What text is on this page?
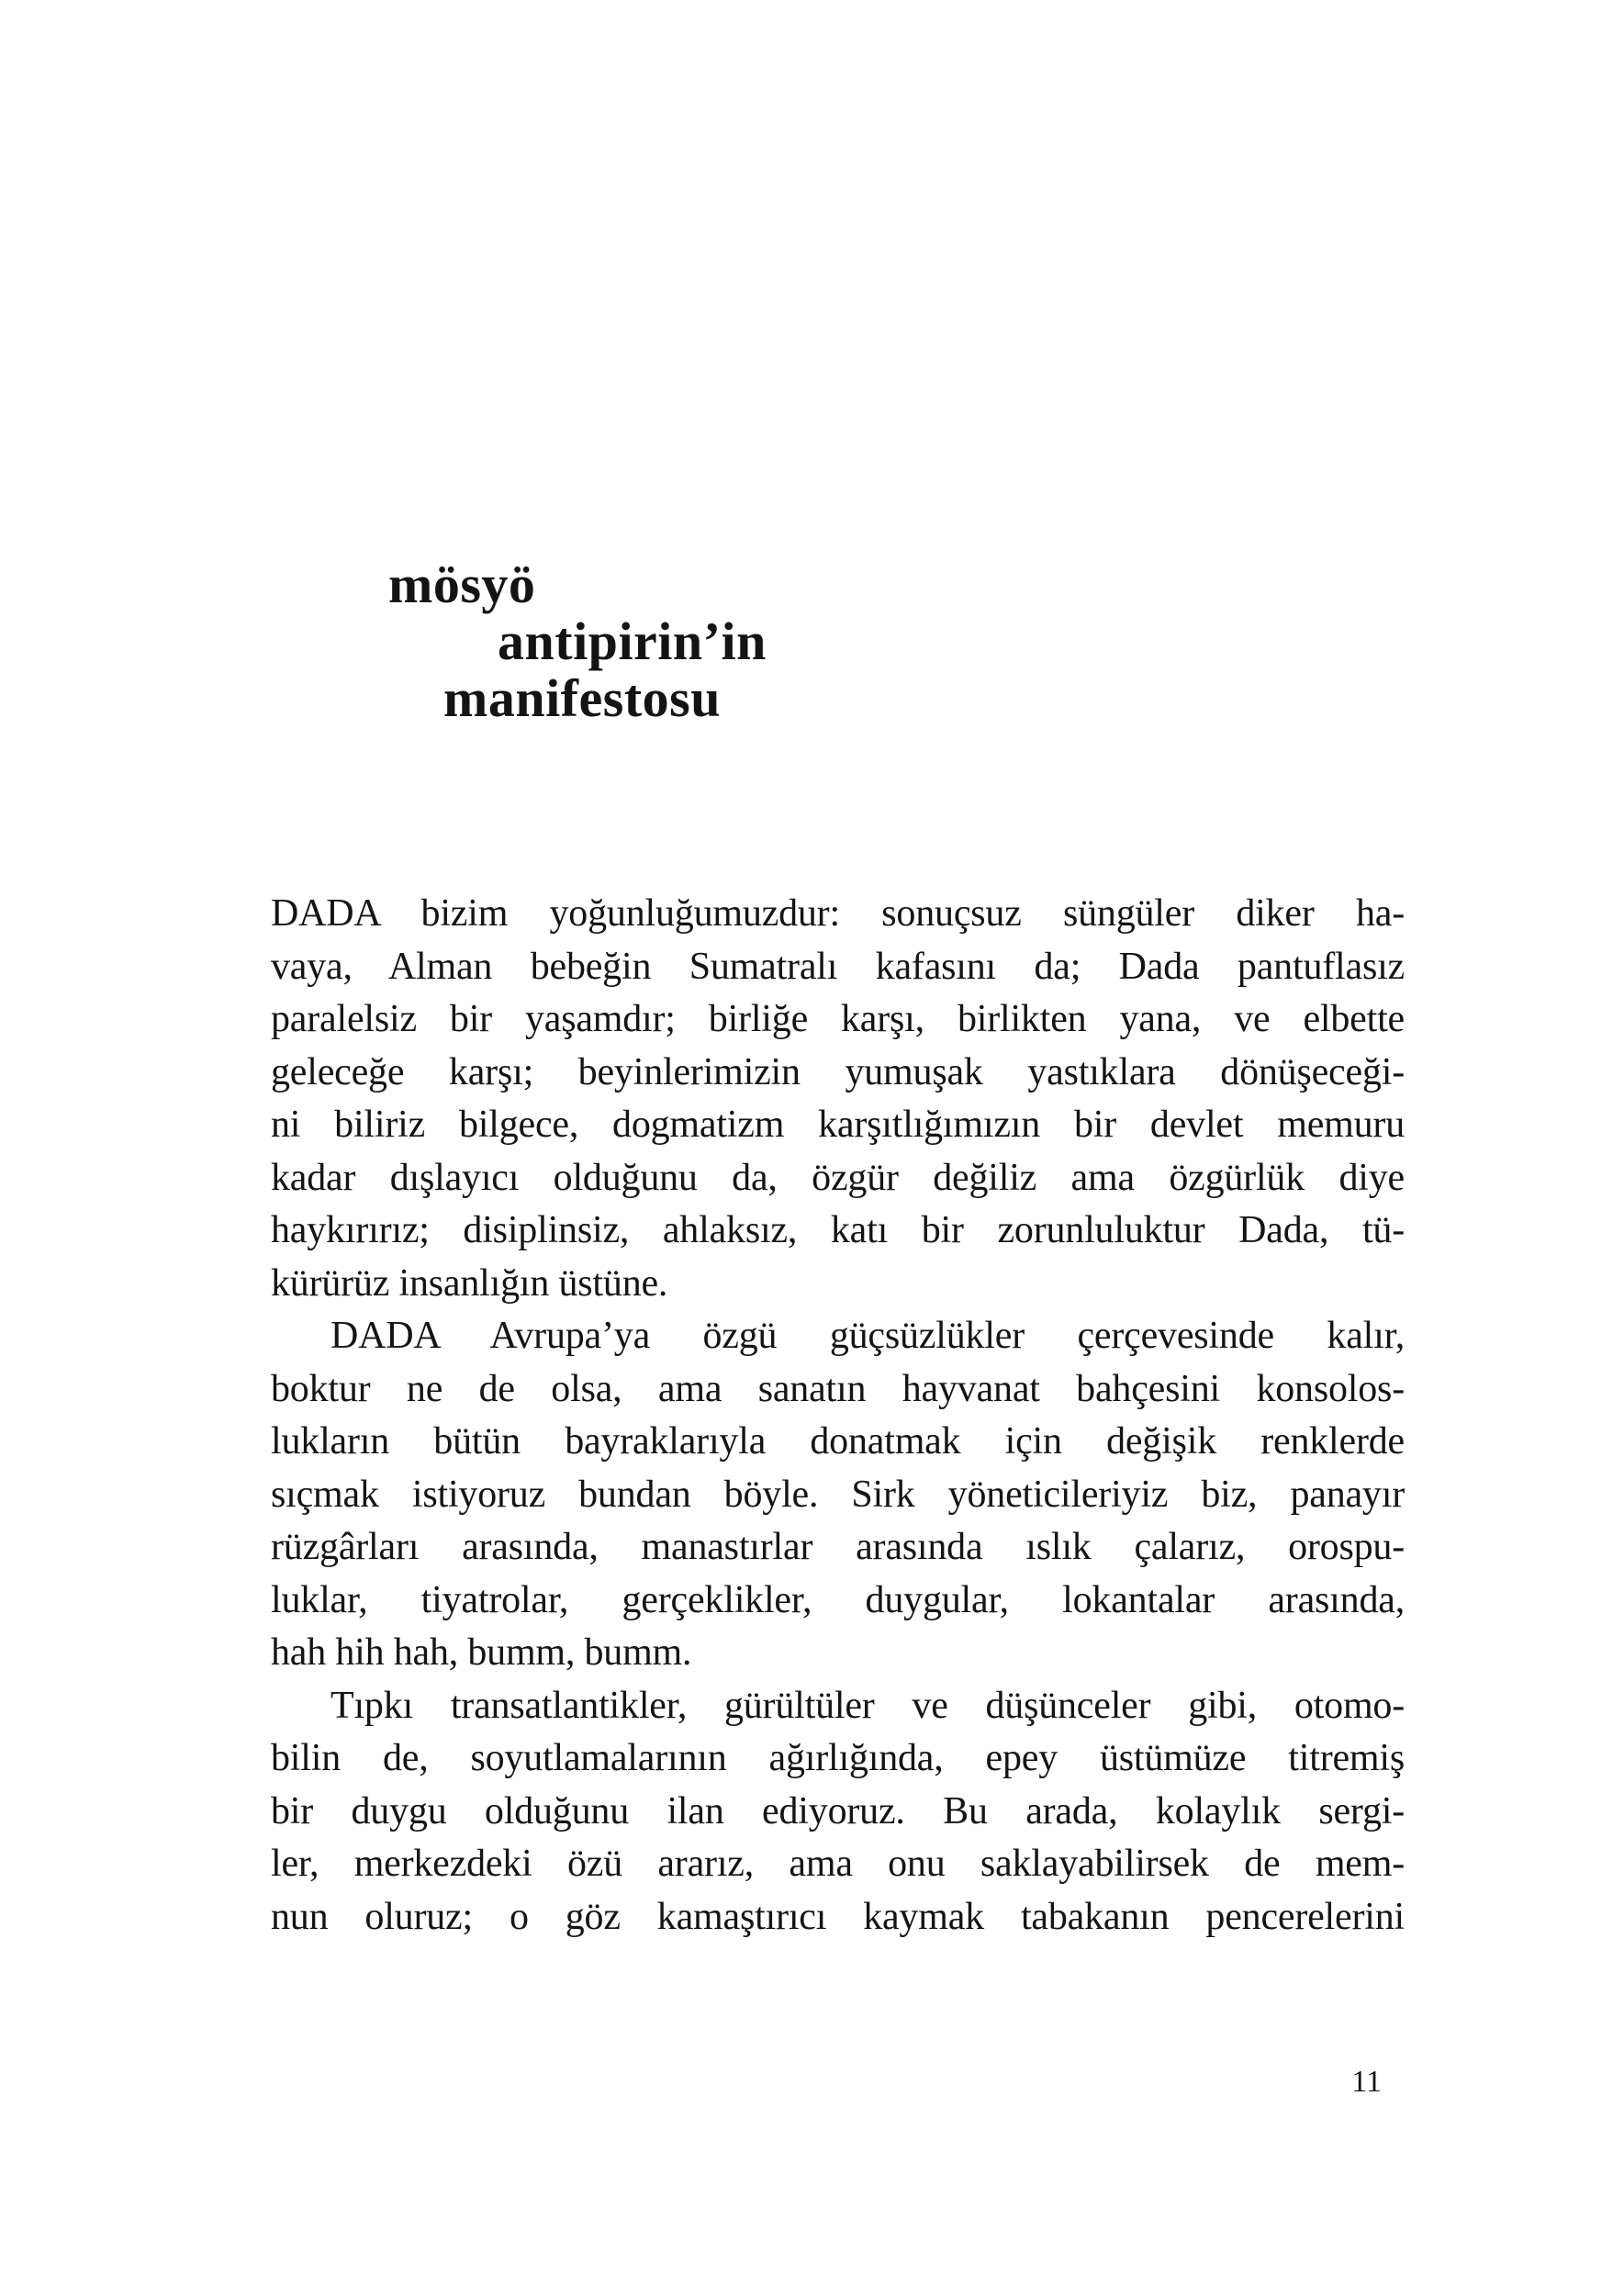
mösyö
antipirin’in
manifestosu
DADA bizim yoğunluğumuzdur: sonuçsuz süngüler diker ha-
vaya, Alman bebeğin Sumatralı kafasını da; Dada pantuflasız
paralelsiz bir yaşamdır; birliğe karşı, birlikten yana, ve elbette
geleceğe karşı; beyinlerimizin yumuşak yastıklara dönüşeceği-
ni biliriz bilgece, dogmatizm karşıtlığımızın bir devlet memuru
kadar dışlayıcı olduğunu da, özgür değiliz ama özgürlük diye
haykırırız; disiplinsiz, ahlaksız, katı bir zorunluluktur Dada, tü-
kürürüz insanlığın üstüne.
DADA Avrupa’ya özgü güçsüzlükler çerçevesinde kalır,
boktur ne de olsa, ama sanatın hayvanat bahçesini konsolos-
lukların bütün bayraklarıyla donatmak için değişik renklerde
sıçmak istiyoruz bundan böyle. Sirk yöneticileriyiz biz, panayır
rüzgârları arasında, manastırlar arasında ıslık çalarız, orospu-
luklar, tiyatrolar, gerçeklikler, duygular, lokantalar arasında,
hah hih hah, bumm, bumm.
Tıpkı transatlantikler, gürültüler ve düşünceler gibi, otomo-
bilin de, soyutlamalarının ağırlığında, epey üstümüze titremiş
bir duygu olduğunu ilan ediyoruz. Bu arada, kolaylık sergi-
ler, merkezdeki özü ararız, ama onu saklayabilirsek de mem-
nun oluruz; o göz kamaştırıcı kaymak tabakanın pencerelerini
11
